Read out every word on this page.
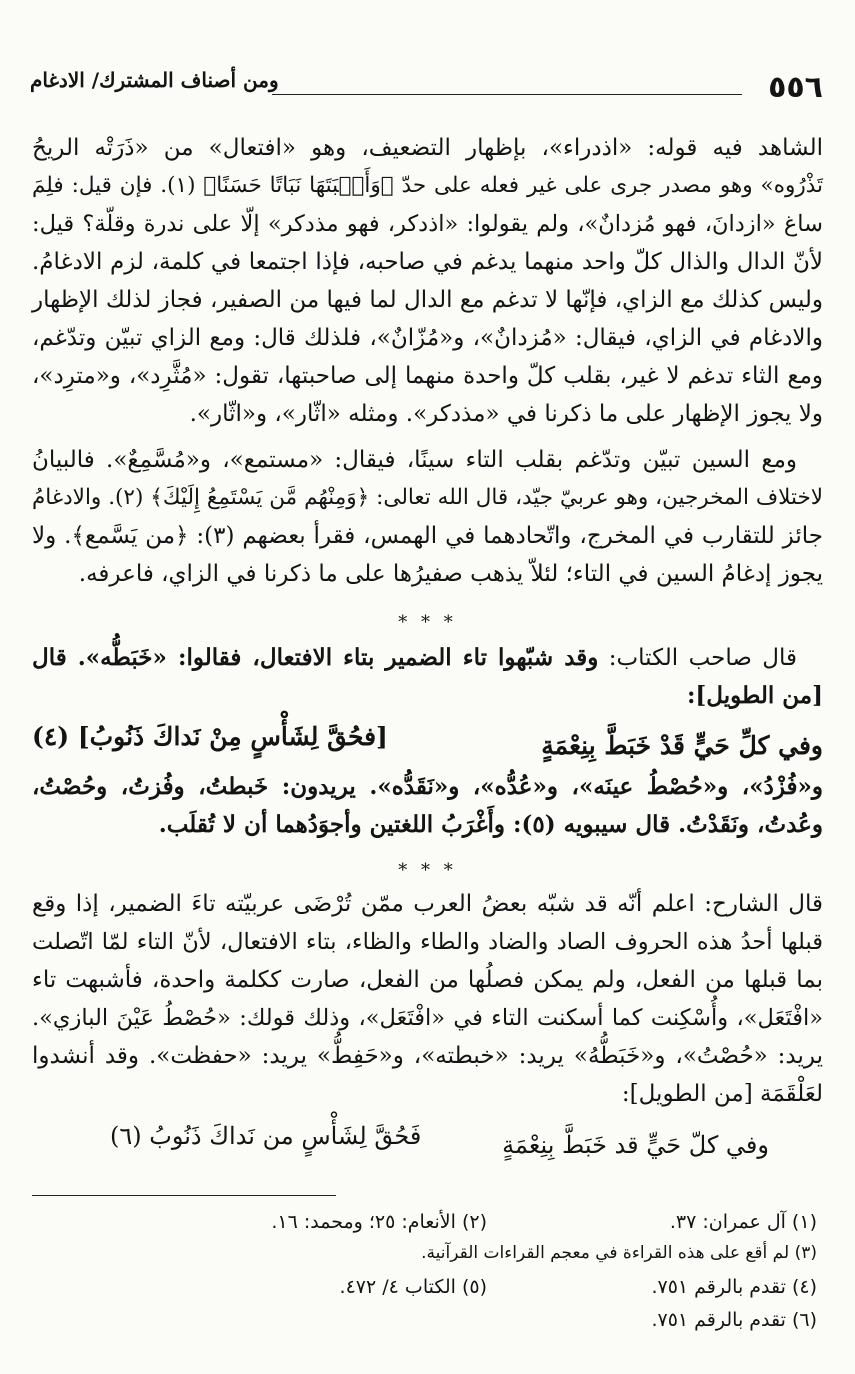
٥٥٦
ومن أصناف المشترك/ الادغام
الشاهد فيه قوله: «اذدراء»، بإظهار التضعيف، وهو «افتعال» من «ذَرَتْه الريحُ
تَذْرُوه» وهو مصدر جرى على غير فعله على حدّ ﴿وَأَنۢبَتَهَا نَبَاتًا حَسَنًا﴾ (١). فإن قيل: فلِمَ
ساغ «ازدانَ، فهو مُزدانٌ»، ولم يقولوا: «اذدكر، فهو مذدكر» إلّا على ندرة وقلّة؟ قيل:
لأنّ الدال والذال كلّ واحد منهما يدغم في صاحبه، فإذا اجتمعا في كلمة، لزم الادغامُ.
وليس كذلك مع الزاي، فإنّها لا تدغم مع الدال لما فيها من الصفير، فجاز لذلك الإظهار
والادغام في الزاي، فيقال: «مُزدانٌ»، و«مُزّانٌ»، فلذلك قال: ومع الزاي تبيّن وتدّغم،
ومع الثاء تدغم لا غير، بقلب كلّ واحدة منهما إلى صاحبتها، تقول: «مُثَّرِد»، و«مترِد»،
ولا يجوز الإظهار على ما ذكرنا في «مذدكر». ومثله «اثّار»، و«اثّار».
ومع السين تبيّن وتدّغم بقلب التاء سينًا، فيقال: «مستمع»، و«مُسَّمِعٌ». فالبيانُ
لاختلاف المخرجين، وهو عربيّ جيّد، قال الله تعالى: ﴿وَمِنْهُم مَّن يَسْتَمِعُ إِلَيْكَ﴾ (٢). والادغامُ
جائز للتقارب في المخرج، واتّحادهما في الهمس، فقرأ بعضهم (٣): ﴿من يَسَّمع﴾. ولا
يجوز إدغامُ السين في التاء؛ لئلاّ يذهب صفيرُها على ما ذكرنا في الزاي، فاعرفه.
* * *
قال صاحب الكتاب: وقد شبّهوا تاء الضمير بتاء الافتعال، فقالوا: «خَبَطُّه». قال
[من الطويل]:
وفي كلِّ حَيٍّ قَدْ خَبَطَّ بِنِعْمَةٍ
[فحُقَّ لِشَأْسٍ مِنْ نَداكَ ذَنُوبُ] (٤)
و«فُزْدُ»، و«حُصْطُ عينَه»، و«عُدُّه»، و«نَقَدُّه». يريدون: خَبطتُ، وفُزتُ، وحُصْتُ،
وعُدتُ، ونَقَدْتُ. قال سيبويه (٥): وأَغْرَبُ اللغتين وأجوَدُهما أن لا تُقلَب.
* * *
قال الشارح: اعلم أنّه قد شبّه بعضُ العرب ممّن تُرْضَى عربيّته تاءَ الضمير، إذا وقع
قبلها أحدُ هذه الحروف الصاد والضاد والطاء والظاء، بتاء الافتعال، لأنّ التاء لمّا اتّصلت
بما قبلها من الفعل، ولم يمكن فصلُها من الفعل، صارت ككلمة واحدة، فأشبهت تاء
«افْتَعَل»، وأُسْكِنت كما أسكنت التاء في «افْتَعَل»، وذلك قولك: «حُصْطُ عَيْنَ البازي».
يريد: «حُصْتُ»، و«خَبَطُّهُ» يريد: «خبطته»، و«حَفِطُّ» يريد: «حفظت». وقد أنشدوا
لعَلْقَمَة [من الطويل]:
وفي كلّ حَيٍّ قد خَبَطَّ بِنِعْمَةٍ
فَحُقَّ لِشَأْسٍ من نَداكَ ذَنُوبُ (٦)
(١) آل عمران: ٣٧.
(٢) الأنعام: ٢٥؛ ومحمد: ١٦.
(٣) لم أقع على هذه القراءة في معجم القراءات القرآنية.
(٤) تقدم بالرقم ٧٥١.
(٥) الكتاب ٤/ ٤٧٢.
(٦) تقدم بالرقم ٧٥١.
